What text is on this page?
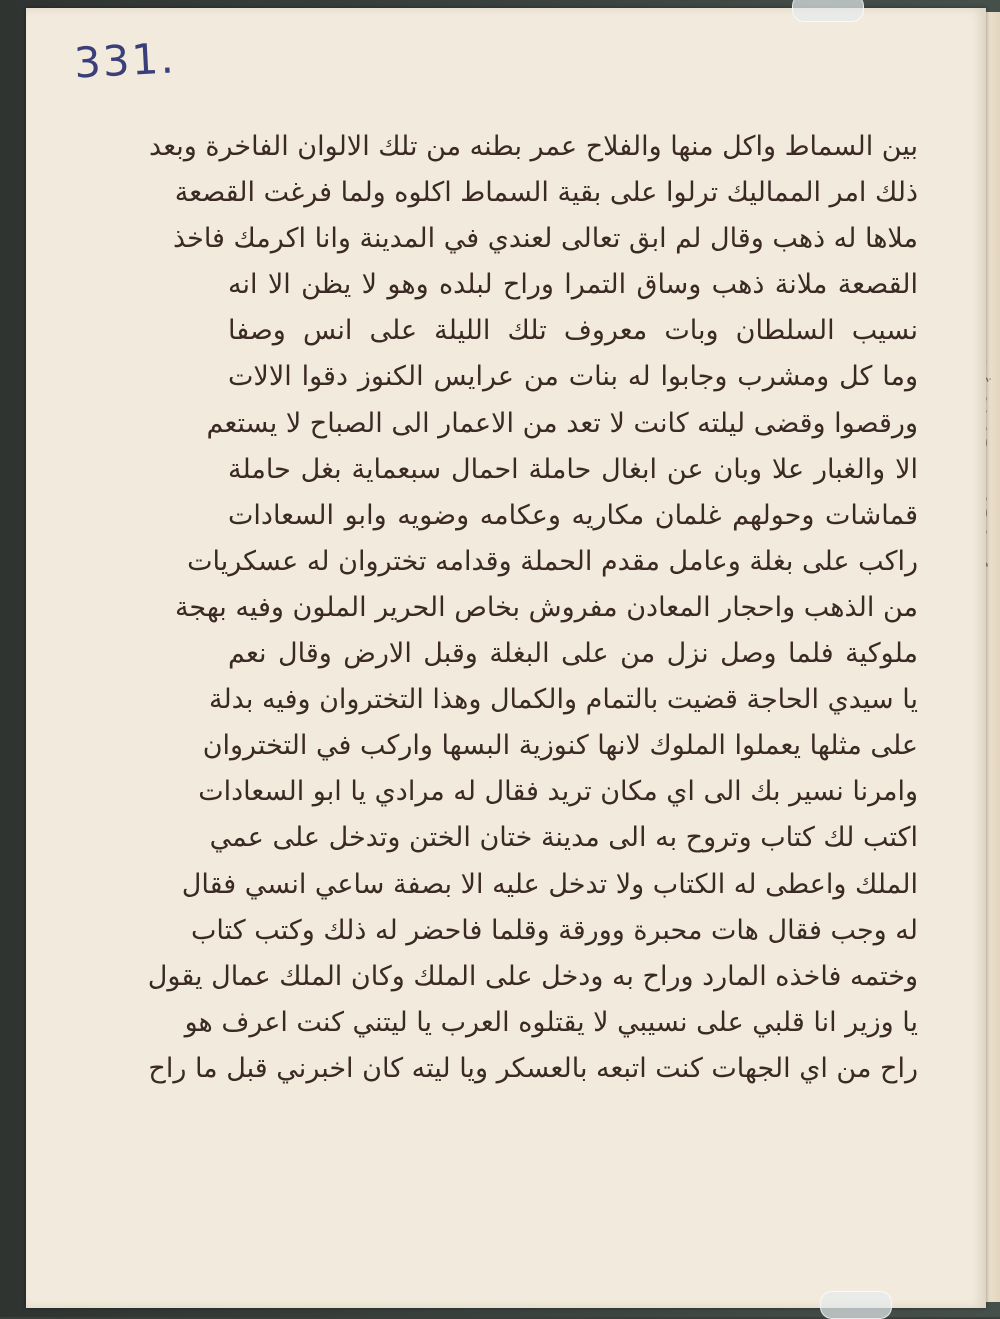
331.
بين السماط واكل منها والفلاح عمر بطنه من تلك الالوان الفاخرة وبعد
ذلك امر المماليك ترلوا على بقية السماط اكلوه ولما فرغت القصعة
ملاها له ذهب وقال لم ابق تعالى لعندي في المدينة وانا اكرمك فاخذ
القصعة ملانة ذهب وساق التمرا وراح لبلده وهو لا يظن الا انه
نسيب السلطان وبات معروف تلك الليلة على انس وصفا
وما كل ومشرب وجابوا له بنات من عرايس الكنوز دقوا الالات
ورقصوا وقضى ليلته كانت لا تعد من الاعمار الى الصباح لا يستعم
الا والغبار علا وبان عن ابغال حاملة احمال سبعماية بغل حاملة
قماشات وحولهم غلمان مكاريه وعكامه وضويه وابو السعادات
راكب على بغلة وعامل مقدم الحملة وقدامه تختروان له عسكريات
من الذهب واحجار المعادن مفروش بخاص الحرير الملون وفيه بهجة
ملوكية فلما وصل نزل من على البغلة وقبل الارض وقال نعم
يا سيدي الحاجة قضيت بالتمام والكمال وهذا التختروان وفيه بدلة
على مثلها يعملوا الملوك لانها كنوزية البسها واركب في التختروان
وامرنا نسير بك الى اي مكان تريد فقال له مرادي يا ابو السعادات
اكتب لك كتاب وتروح به الى مدينة ختان الختن وتدخل على عمي
الملك واعطى له الكتاب ولا تدخل عليه الا بصفة ساعي انسي فقال
له وجب فقال هات محبرة وورقة وقلما فاحضر له ذلك وكتب كتاب
وختمه فاخذه المارد وراح به ودخل على الملك وكان الملك عمال يقول
يا وزير انا قلبي على نسيبي لا يقتلوه العرب يا ليتني كنت اعرف هو
راح من اي الجهات كنت اتبعه بالعسكر ويا ليته كان اخبرني قبل ما راح
